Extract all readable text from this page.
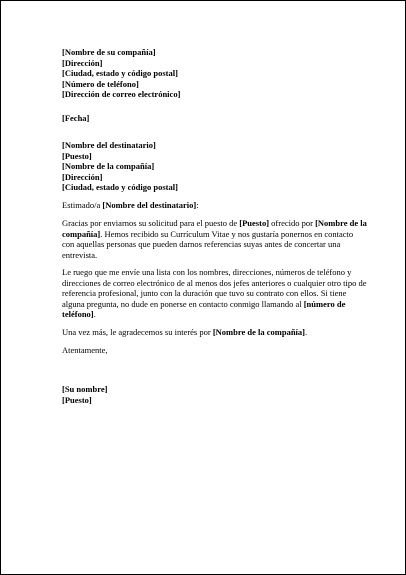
[Nombre de su compañía]
[Dirección]
[Ciudad, estado y código postal]
[Número de teléfono]
[Dirección de correo electrónico]
[Fecha]
[Nombre del destinatario]
[Puesto]
[Nombre de la compañía]
[Dirección]
[Ciudad, estado y código postal]
Estimado/a [Nombre del destinatario]:
Gracias por enviarnos su solicitud para el puesto de [Puesto] ofrecido por [Nombre de la compañía]. Hemos recibido su Currículum Vitae y nos gustaría ponernos en contacto con aquellas personas que pueden darnos referencias suyas antes de concertar una entrevista.
Le ruego que me envíe una lista con los nombres, direcciones, números de teléfono y direcciones de correo electrónico de al menos dos jefes anteriores o cualquier otro tipo de referencia profesional, junto con la duración que tuvo su contrato con ellos. Si tiene alguna pregunta, no dude en ponerse en contacto conmigo llamando al [número de teléfono].
Una vez más, le agradecemos su interés por [Nombre de la compañía].
Atentamente,
[Su nombre]
[Puesto]
